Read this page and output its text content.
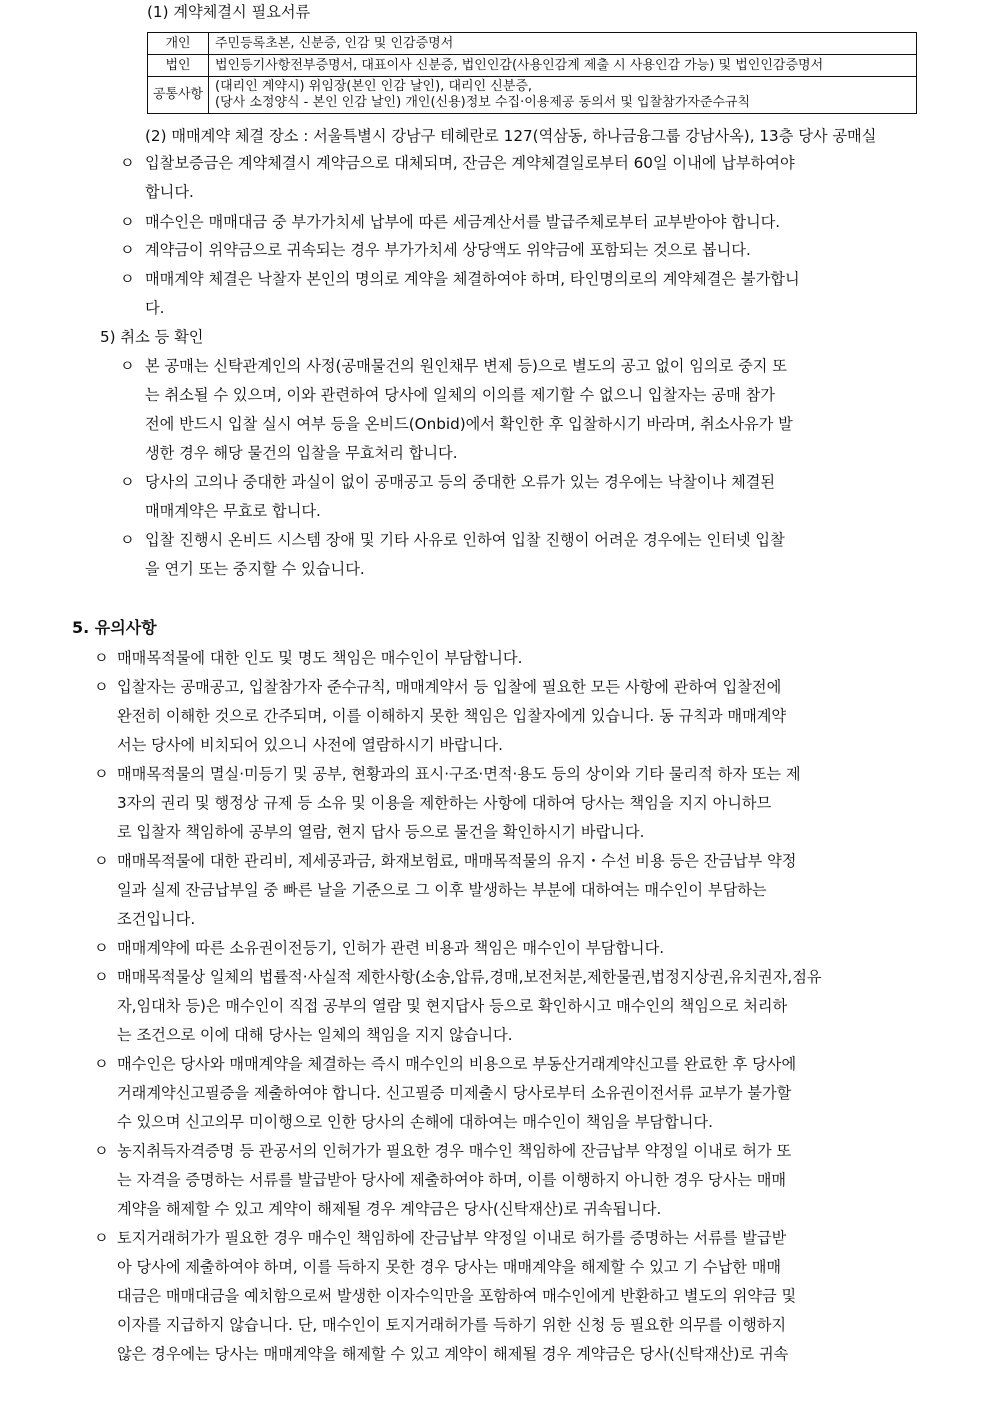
(1) 계약체결시 필요서류
개인	주민등록초본, 신분증, 인감 및 인감증명서
법인	법인등기사항전부증명서, 대표이사 신분증, 법인인감(사용인감계 제출 시 사용인감 가능) 및 법인인감증명서
공통사항	(대리인 계약시) 위임장(본인 인감 날인), 대리인 신분증,
(당사 소정양식 - 본인 인감 날인) 개인(신용)정보 수집·이용제공 동의서 및 입찰참가자준수규칙
(2) 매매계약 체결 장소 : 서울특별시 강남구 테헤란로 127(역삼동, 하나금융그룹 강남사옥), 13층 당사 공매실
ㅇ 입찰보증금은 계약체결시 계약금으로 대체되며, 잔금은 계약체결일로부터 60일 이내에 납부하여야
합니다.
ㅇ 매수인은 매매대금 중 부가가치세 납부에 따른 세금계산서를 발급주체로부터 교부받아야 합니다.
ㅇ 계약금이 위약금으로 귀속되는 경우 부가가치세 상당액도 위약금에 포함되는 것으로 봅니다.
ㅇ 매매계약 체결은 낙찰자 본인의 명의로 계약을 체결하여야 하며, 타인명의로의 계약체결은 불가합니
다.
5) 취소 등 확인
ㅇ 본 공매는 신탁관계인의 사정(공매물건의 원인채무 변제 등)으로 별도의 공고 없이 임의로 중지 또
는 취소될 수 있으며, 이와 관련하여 당사에 일체의 이의를 제기할 수 없으니 입찰자는 공매 참가
전에 반드시 입찰 실시 여부 등을 온비드(Onbid)에서 확인한 후 입찰하시기 바라며, 취소사유가 발
생한 경우 해당 물건의 입찰을 무효처리 합니다.
ㅇ 당사의 고의나 중대한 과실이 없이 공매공고 등의 중대한 오류가 있는 경우에는 낙찰이나 체결된
매매계약은 무효로 합니다.
ㅇ 입찰 진행시 온비드 시스템 장애 및 기타 사유로 인하여 입찰 진행이 어려운 경우에는 인터넷 입찰
을 연기 또는 중지할 수 있습니다.
5. 유의사항
ㅇ 매매목적물에 대한 인도 및 명도 책임은 매수인이 부담합니다.
ㅇ 입찰자는 공매공고, 입찰참가자 준수규칙, 매매계약서 등 입찰에 필요한 모든 사항에 관하여 입찰전에
완전히 이해한 것으로 간주되며, 이를 이해하지 못한 책임은 입찰자에게 있습니다. 동 규칙과 매매계약
서는 당사에 비치되어 있으니 사전에 열람하시기 바랍니다.
ㅇ 매매목적물의 멸실·미등기 및 공부, 현황과의 표시·구조·면적·용도 등의 상이와 기타 물리적 하자 또는 제
3자의 권리 및 행정상 규제 등 소유 및 이용을 제한하는 사항에 대하여 당사는 책임을 지지 아니하므
로 입찰자 책임하에 공부의 열람, 현지 답사 등으로 물건을 확인하시기 바랍니다.
ㅇ 매매목적물에 대한 관리비, 제세공과금, 화재보험료, 매매목적물의 유지・수선 비용 등은 잔금납부 약정
일과 실제 잔금납부일 중 빠른 날을 기준으로 그 이후 발생하는 부분에 대하여는 매수인이 부담하는
조건입니다.
ㅇ 매매계약에 따른 소유권이전등기, 인허가 관련 비용과 책임은 매수인이 부담합니다.
ㅇ 매매목적물상 일체의 법률적·사실적 제한사항(소송,압류,경매,보전처분,제한물권,법정지상권,유치권자,점유
자,임대차 등)은 매수인이 직접 공부의 열람 및 현지답사 등으로 확인하시고 매수인의 책임으로 처리하
는 조건으로 이에 대해 당사는 일체의 책임을 지지 않습니다.
ㅇ 매수인은 당사와 매매계약을 체결하는 즉시 매수인의 비용으로 부동산거래계약신고를 완료한 후 당사에
거래계약신고필증을 제출하여야 합니다. 신고필증 미제출시 당사로부터 소유권이전서류 교부가 불가할
수 있으며 신고의무 미이행으로 인한 당사의 손해에 대하여는 매수인이 책임을 부담합니다.
ㅇ 농지취득자격증명 등 관공서의 인허가가 필요한 경우 매수인 책임하에 잔금납부 약정일 이내로 허가 또
는 자격을 증명하는 서류를 발급받아 당사에 제출하여야 하며, 이를 이행하지 아니한 경우 당사는 매매
계약을 해제할 수 있고 계약이 해제될 경우 계약금은 당사(신탁재산)로 귀속됩니다.
ㅇ 토지거래허가가 필요한 경우 매수인 책임하에 잔금납부 약정일 이내로 허가를 증명하는 서류를 발급받
아 당사에 제출하여야 하며, 이를 득하지 못한 경우 당사는 매매계약을 해제할 수 있고 기 수납한 매매
대금은 매매대금을 예치함으로써 발생한 이자수익만을 포함하여 매수인에게 반환하고 별도의 위약금 및
이자를 지급하지 않습니다. 단, 매수인이 토지거래허가를 득하기 위한 신청 등 필요한 의무를 이행하지
않은 경우에는 당사는 매매계약을 해제할 수 있고 계약이 해제될 경우 계약금은 당사(신탁재산)로 귀속
